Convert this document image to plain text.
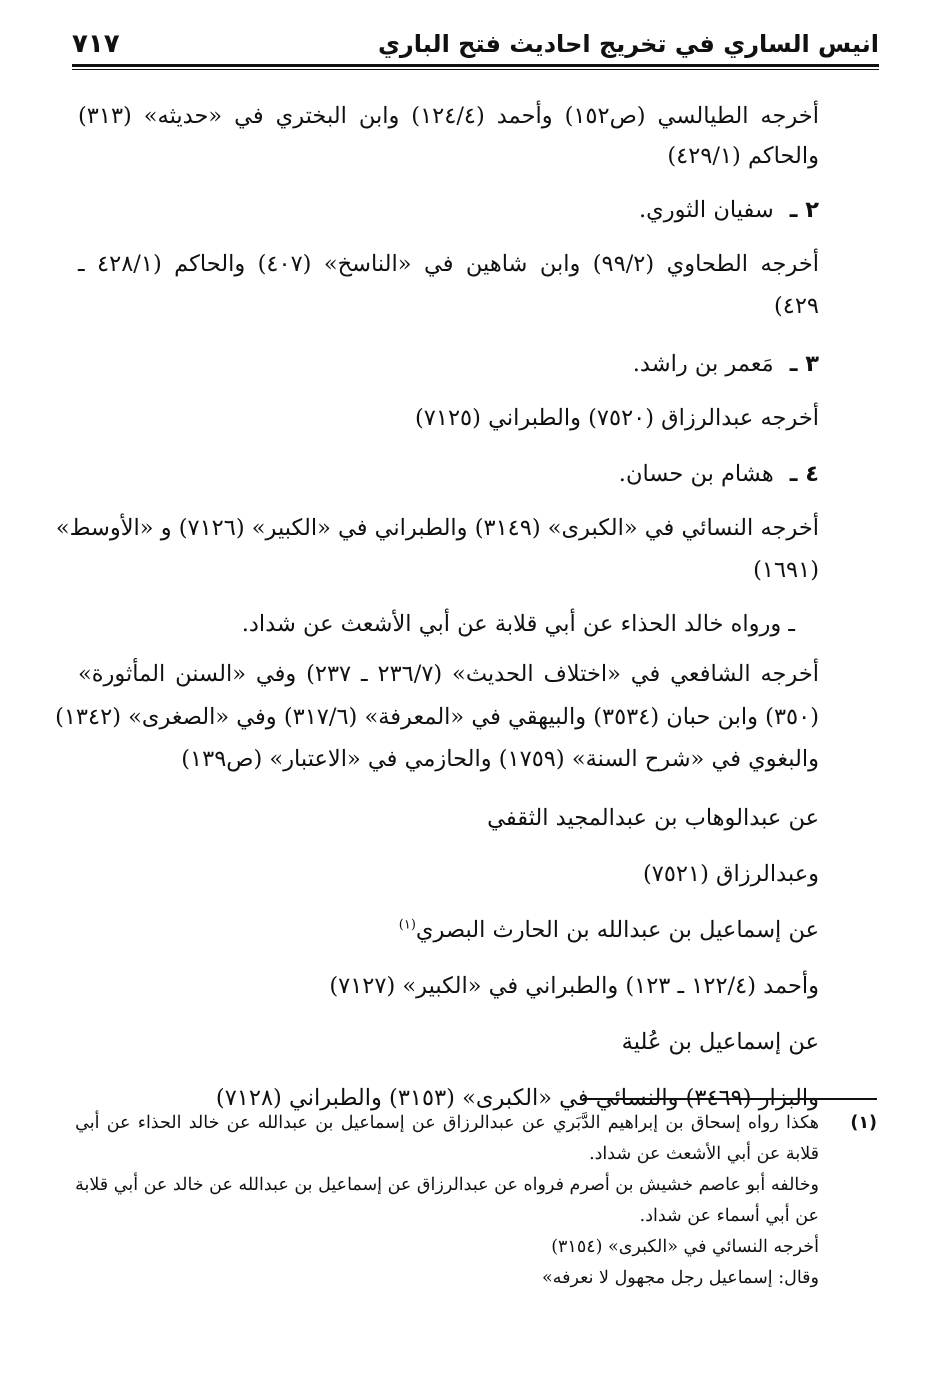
انيس الساري في تخريج احاديث فتح الباري
٧١٧
أخرجه الطيالسي (ص١٥٢) وأحمد (١٢٤/٤) وابن البختري في «حديثه» (٣١٣)
والحاكم (٤٢٩/١)
٢ ـ
سفيان الثوري.
أخرجه الطحاوي (٩٩/٢) وابن شاهين في «الناسخ» (٤٠٧) والحاكم (٤٢٨/١ ـ
٤٢٩)
٣ ـ
مَعمر بن راشد.
أخرجه عبدالرزاق (٧٥٢٠) والطبراني (٧١٢٥)
٤ ـ
هشام بن حسان.
أخرجه النسائي في «الكبرى» (٣١٤٩) والطبراني في «الكبير» (٧١٢٦) و «الأوسط»
(١٦٩١)
ـ ورواه خالد الحذاء عن أبي قلابة عن أبي الأشعث عن شداد.
أخرجه الشافعي في «اختلاف الحديث» (٢٣٦/٧ ـ ٢٣٧) وفي «السنن المأثورة»
(٣٥٠) وابن حبان (٣٥٣٤) والبيهقي في «المعرفة» (٣١٧/٦) وفي «الصغرى» (١٣٤٢)
والبغوي في «شرح السنة» (١٧٥٩) والحازمي في «الاعتبار» (ص١٣٩)
عن عبدالوهاب بن عبدالمجيد الثقفي
وعبدالرزاق (٧٥٢١)
عن إسماعيل بن عبدالله بن الحارث البصري$^{(١)}$
وأحمد (١٢٢/٤ ـ ١٢٣) والطبراني في «الكبير» (٧١٢٧)
عن إسماعيل بن عُلية
والبزار (٣٤٦٩) والنسائي في «الكبرى» (٣١٥٣) والطبراني (٧١٢٨)
(١)
هكذا رواه إسحاق بن إبراهيم الدَّبَري عن عبدالرزاق عن إسماعيل بن عبدالله عن خالد الحذاء عن أبي
قلابة عن أبي الأشعث عن شداد.
وخالفه أبو عاصم خشيش بن أصرم فرواه عن عبدالرزاق عن إسماعيل بن عبدالله عن خالد عن أبي قلابة
عن أبي أسماء عن شداد.
أخرجه النسائي في «الكبرى» (٣١٥٤)
وقال: إسماعيل رجل مجهول لا نعرفه»
